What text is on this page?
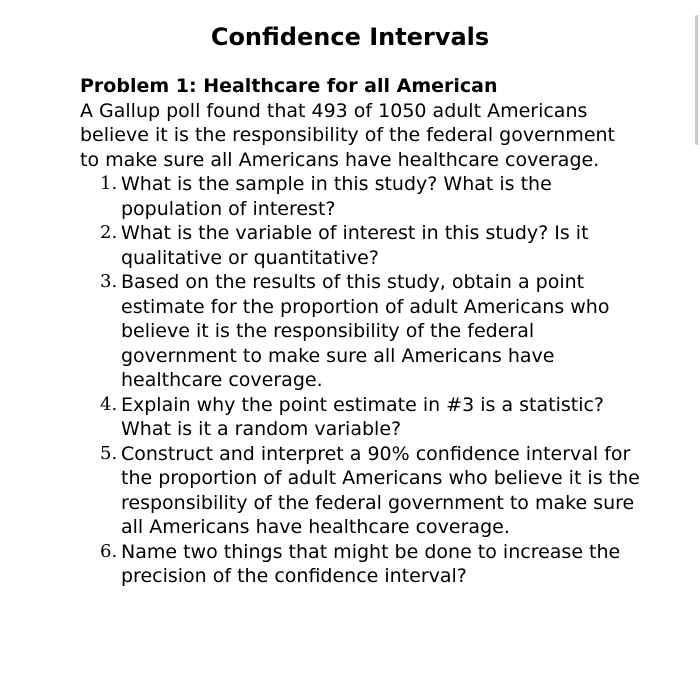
Confidence Intervals

Problem 1: Healthcare for all American

A Gallup poll found that 493 of 1050 adult Americans believe it is the responsibility of the federal government to make sure all Americans have healthcare coverage.

1. What is the sample in this study? What is the population of interest?
2. What is the variable of interest in this study? Is it qualitative or quantitative?
3. Based on the results of this study, obtain a point estimate for the proportion of adult Americans who believe it is the responsibility of the federal government to make sure all Americans have healthcare coverage.
4. Explain why the point estimate in #3 is a statistic? What is it a random variable?
5. Construct and interpret a 90% confidence interval for the proportion of adult Americans who believe it is the responsibility of the federal government to make sure all Americans have healthcare coverage.
6. Name two things that might be done to increase the precision of the confidence interval?
